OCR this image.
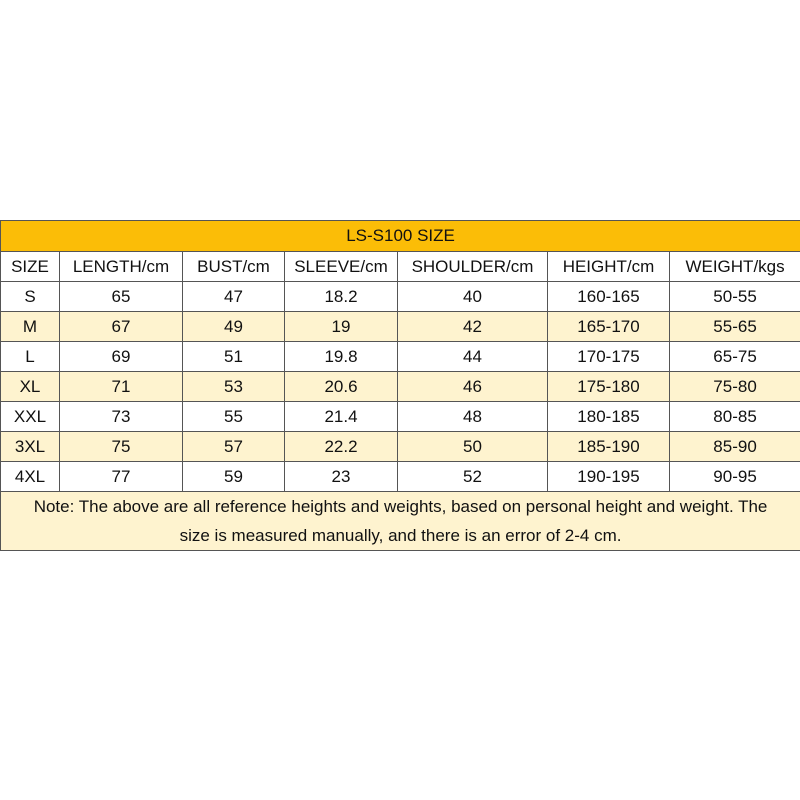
LS-S100 SIZE						
SIZE	LENGTH/cm	BUST/cm	SLEEVE/cm	SHOULDER/cm	HEIGHT/cm	WEIGHT/kgs
S	65	47	18.2	40	160-165	50-55
M	67	49	19	42	165-170	55-65
L	69	51	19.8	44	170-175	65-75
XL	71	53	20.6	46	175-180	75-80
XXL	73	55	21.4	48	180-185	80-85
3XL	75	57	22.2	50	185-190	85-90
4XL	77	59	23	52	190-195	90-95
Note: The above are all reference heights and weights, based on personal height and weight. The size is measured manually, and there is an error of 2-4 cm.						
